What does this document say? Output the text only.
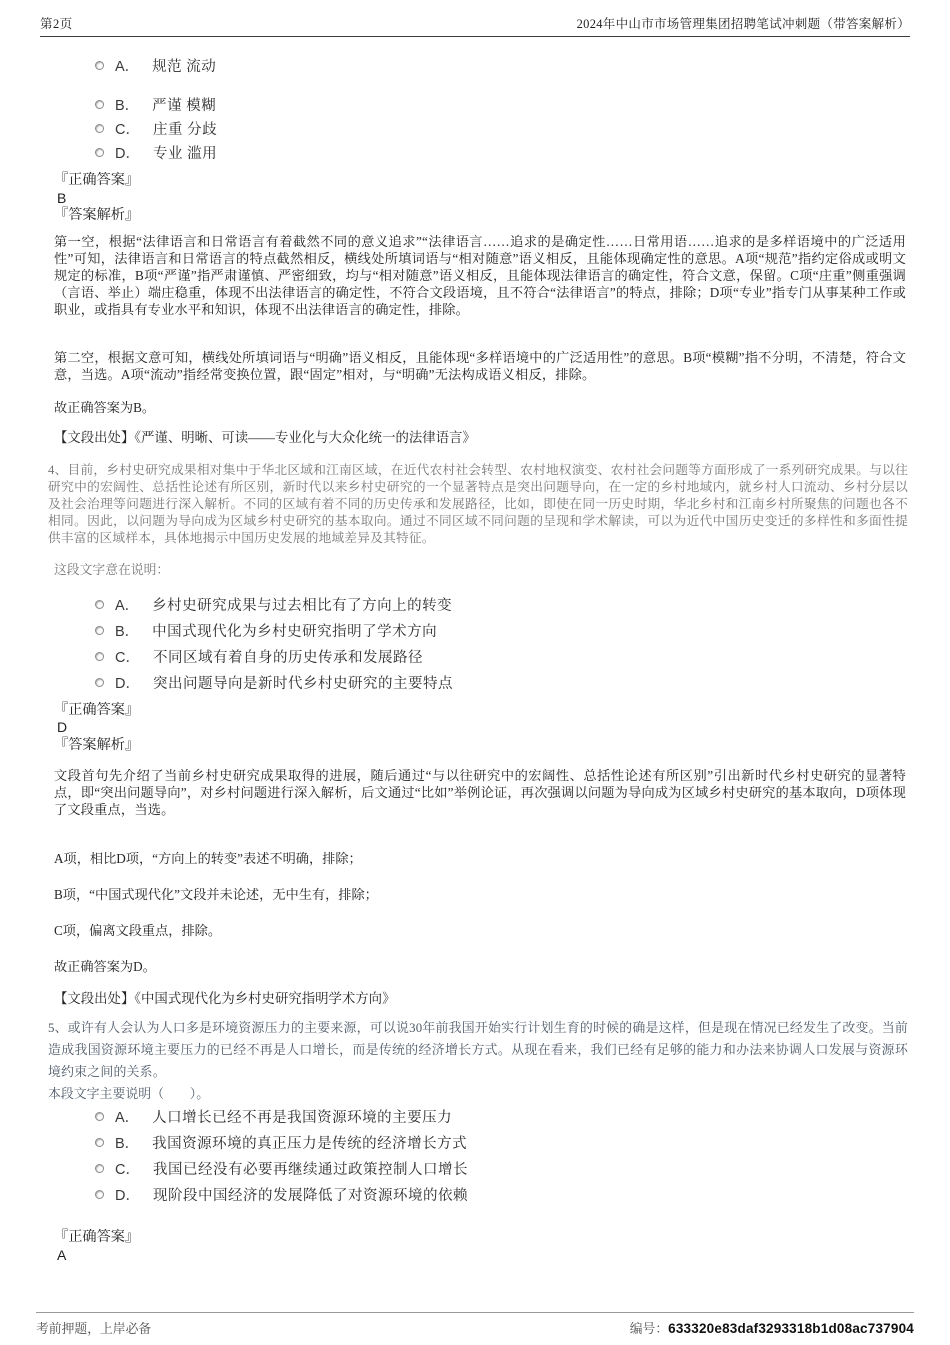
第2页	2024年中山市市场管理集团招聘笔试冲刺题（带答案解析）
A． 规范 流动
B． 严谨 模糊
C． 庄重 分歧
D． 专业 滥用
『正确答案』
B
『答案解析』
第一空，根据“法律语言和日常语言有着截然不同的意义追求”“法律语言……追求的是确定性……日常用语……追求的是多样语境中的广泛适用性”可知，法律语言和日常语言的特点截然相反，横线处所填词语与“相对随意”语义相反，且能体现确定性的意思。A项“规范”指约定俗成或明文规定的标准，B项“严谨”指严肃谨慎、严密细致，均与“相对随意”语义相反，且能体现法律语言的确定性，符合文意，保留。C项“庄重”侧重强调（言语、举止）端庄稳重，体现不出法律语言的确定性，不符合文段语境，且不符合“法律语言”的特点，排除；D项“专业”指专门从事某种工作或职业，或指具有专业水平和知识，体现不出法律语言的确定性，排除。
第二空，根据文意可知，横线处所填词语与“明确”语义相反，且能体现“多样语境中的广泛适用性”的意思。B项“模糊”指不分明，不清楚，符合文意，当选。A项“流动”指经常变换位置，跟“固定”相对，与“明确”无法构成语义相反，排除。
故正确答案为B。
【文段出处】《严谨、明晰、可读——专业化与大众化统一的法律语言》
4、目前，乡村史研究成果相对集中于华北区域和江南区域，在近代农村社会转型、农村地权演变、农村社会问题等方面形成了一系列研究成果。与以往研究中的宏阔性、总括性论述有所区别，新时代以来乡村史研究的一个显著特点是突出问题导向，在一定的乡村地域内，就乡村人口流动、乡村分层以及社会治理等问题进行深入解析。不同的区域有着不同的历史传承和发展路径，比如，即使在同一历史时期，华北乡村和江南乡村所聚焦的问题也各不相同。因此，以问题为导向成为区域乡村史研究的基本取向。通过不同区域不同问题的呈现和学术解读，可以为近代中国历史变迁的多样性和多面性提供丰富的区域样本，具体地揭示中国历史发展的地域差异及其特征。
这段文字意在说明：
A． 乡村史研究成果与过去相比有了方向上的转变
B． 中国式现代化为乡村史研究指明了学术方向
C． 不同区域有着自身的历史传承和发展路径
D． 突出问题导向是新时代乡村史研究的主要特点
『正确答案』
D
『答案解析』
文段首句先介绍了当前乡村史研究成果取得的进展，随后通过“与以往研究中的宏阔性、总括性论述有所区别”引出新时代乡村史研究的显著特点，即“突出问题导向”，对乡村问题进行深入解析，后文通过“比如”举例论证，再次强调以问题为导向成为区域乡村史研究的基本取向，D项体现了文段重点，当选。
A项，相比D项，“方向上的转变”表述不明确，排除；
B项，“中国式现代化”文段并未论述，无中生有，排除；
C项，偏离文段重点，排除。
故正确答案为D。
【文段出处】《中国式现代化为乡村史研究指明学术方向》
5、或许有人会认为人口多是环境资源压力的主要来源，可以说30年前我国开始实行计划生育的时候的确是这样，但是现在情况已经发生了改变。当前造成我国资源环境主要压力的已经不再是人口增长，而是传统的经济增长方式。从现在看来，我们已经有足够的能力和办法来协调人口发展与资源环境约束之间的关系。
本段文字主要说明（　　）。
A． 人口增长已经不再是我国资源环境的主要压力
B． 我国资源环境的真正压力是传统的经济增长方式
C． 我国已经没有必要再继续通过政策控制人口增长
D． 现阶段中国经济的发展降低了对资源环境的依赖
『正确答案』
A
考前押题，上岸必备	编号：633320e83daf3293318b1d08ac737904
